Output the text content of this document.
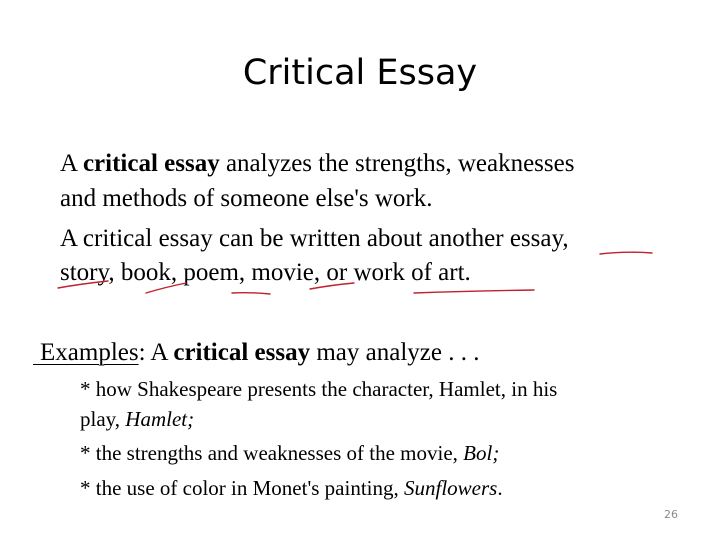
Critical Essay
A critical essay analyzes the strengths, weaknesses
and methods of someone else's work.
A critical essay can be written about another essay,
story, book, poem, movie, or work of art.
Examples: A critical essay may analyze . . .
* how Shakespeare presents the character, Hamlet, in his
play, Hamlet;
* the strengths and weaknesses of the movie, Bol;
* the use of color in Monet's painting, Sunflowers.
26
